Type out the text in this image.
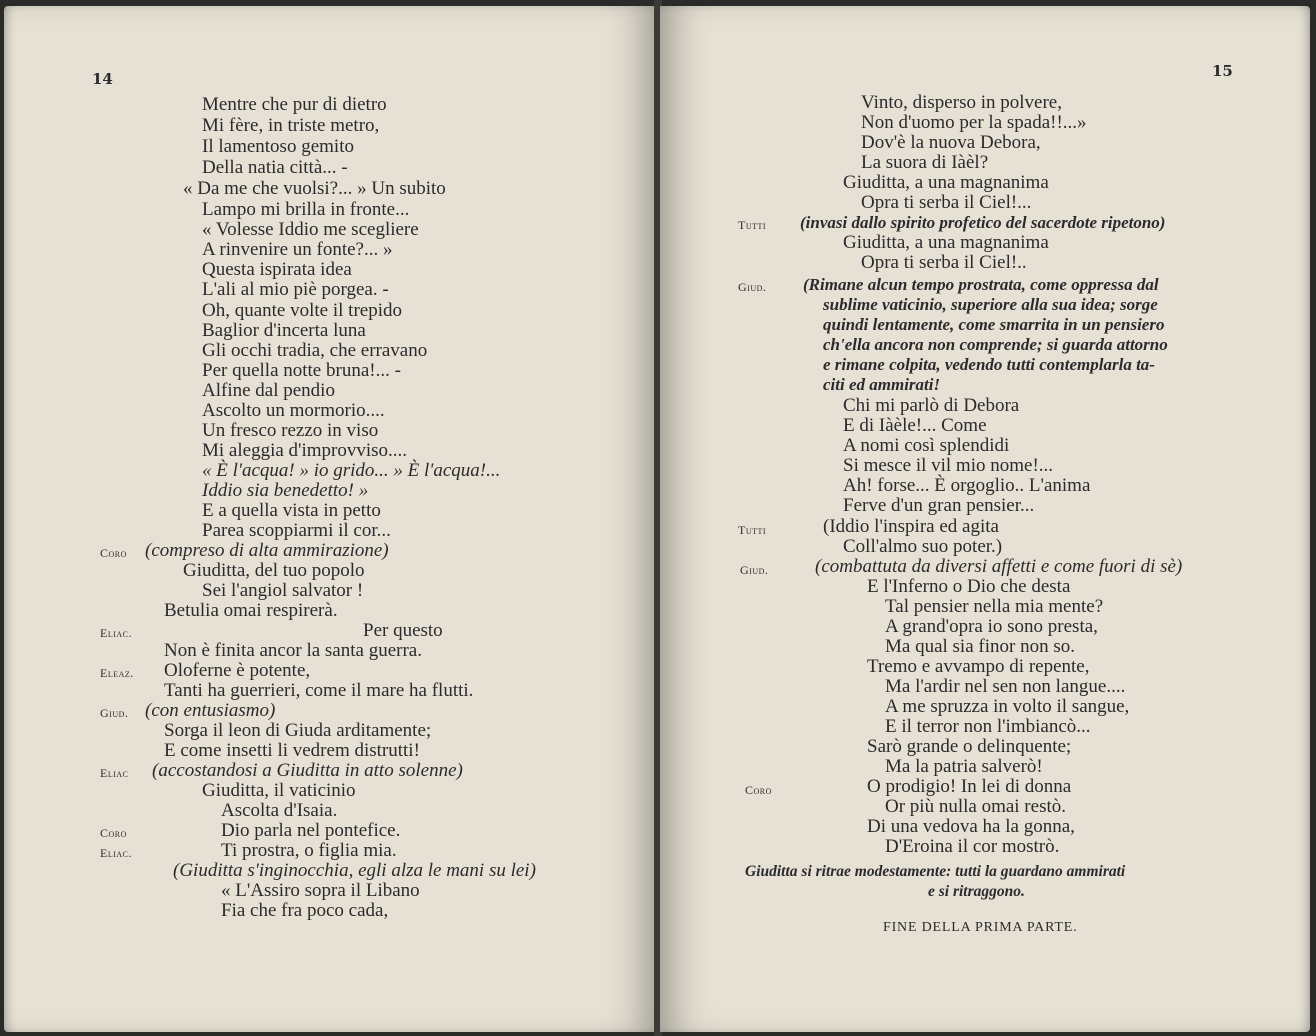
14	15
Mentre che pur di dietro
Mi fère, in triste metro,
Il lamentoso gemito
Della natia città... -
« Da me che vuolsi?... » Un subito
Lampo mi brilla in fronte...
« Volesse Iddio me scegliere
A rinvenire un fonte?... »
Questa ispirata idea
L'ali al mio piè porgea. -
Oh, quante volte il trepido
Baglior d'incerta luna
Gli occhi tradia, che erravano
Per quella notte bruna!... -
Alfine dal pendio
Ascolto un mormorio....
Un fresco rezzo in viso
Mi aleggia d'improvviso....
« È l'acqua! » io grido... » È l'acqua!...
Iddio sia benedetto! »
E a quella vista in petto
Parea scoppiarmi il cor...
Coro (compreso di alta ammirazione)
Giuditta, del tuo popolo
Sei l'angiol salvator !
Betulia omai respirerà.
Eliac.	Per questo
Non è finita ancor la santa guerra.
Eleaz. Oloferne è potente,
Tanti ha guerrieri, come il mare ha flutti.
Giud. (con entusiasmo)
Sorga il leon di Giuda arditamente;
E come insetti li vedrem distrutti!
Eliac (accostandosi a Giuditta in atto solenne)
Giuditta, il vaticinio
Ascolta d'Isaia.
Coro	Dio parla nel pontefice.
Eliac.	Ti prostra, o figlia mia.
(Giuditta s'inginocchia, egli alza le mani su lei)
« L'Assiro sopra il Libano
Fia che fra poco cada,
Vinto, disperso in polvere,
Non d'uomo per la spada!!...»
Dov'è la nuova Debora,
La suora di Iàèl?
Giuditta, a una magnanima
Opra ti serba il Ciel!...
Tutti (invasi dallo spirito profetico del sacerdote ripetono)
Giuditta, a una magnanima
Opra ti serba il Ciel!..
Giud. (Rimane alcun tempo prostrata, come oppressa dal
sublime vaticinio, superiore alla sua idea; sorge
quindi lentamente, come smarrita in un pensiero
ch'ella ancora non comprende; si guarda attorno
e rimane colpita, vedendo tutti contemplarla ta-
citi ed ammirati!
Chi mi parlò di Debora
E di Iàèle!... Come
A nomi così splendidi
Si mesce il vil mio nome!...
Ah! forse... È orgoglio.. L'anima
Ferve d'un gran pensier...
Tutti	(Iddio l'inspira ed agita
Coll'almo suo poter.)
Giud. (combattuta da diversi affetti e come fuori di sè)
E l'Inferno o Dio che desta
Tal pensier nella mia mente?
A grand'opra io sono presta,
Ma qual sia finor non so.
Tremo e avvampo di repente,
Ma l'ardir nel sen non langue....
A me spruzza in volto il sangue,
E il terror non l'imbiancò...
Sarò grande o delinquente;
Ma la patria salverò!
Coro	O prodigio! In lei di donna
Or più nulla omai restò.
Di una vedova ha la gonna,
D'Eroina il cor mostrò.
Giuditta si ritrae modestamente: tutti la guardano ammirati
e si ritraggono.
FINE DELLA PRIMA PARTE.
